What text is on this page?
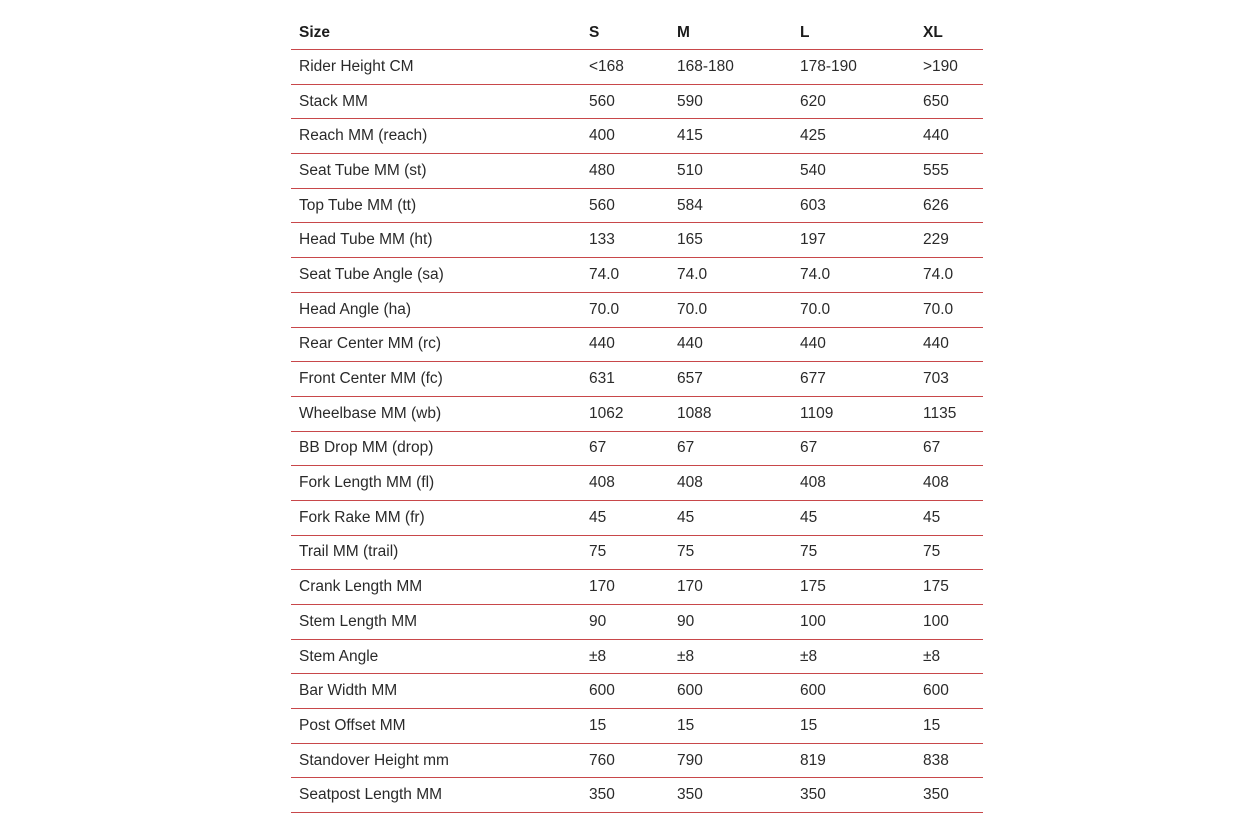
Size	S	M	L	XL
Rider Height CM	<168	168-180	178-190	>190
Stack MM	560	590	620	650
Reach MM (reach)	400	415	425	440
Seat Tube MM (st)	480	510	540	555
Top Tube MM (tt)	560	584	603	626
Head Tube MM (ht)	133	165	197	229
Seat Tube Angle (sa)	74.0	74.0	74.0	74.0
Head Angle (ha)	70.0	70.0	70.0	70.0
Rear Center MM (rc)	440	440	440	440
Front Center MM (fc)	631	657	677	703
Wheelbase MM (wb)	1062	1088	1109	1135
BB Drop MM (drop)	67	67	67	67
Fork Length MM (fl)	408	408	408	408
Fork Rake MM (fr)	45	45	45	45
Trail MM (trail)	75	75	75	75
Crank Length MM	170	170	175	175
Stem Length MM	90	90	100	100
Stem Angle	±8	±8	±8	±8
Bar Width MM	600	600	600	600
Post Offset MM	15	15	15	15
Standover Height mm	760	790	819	838
Seatpost Length MM	350	350	350	350
